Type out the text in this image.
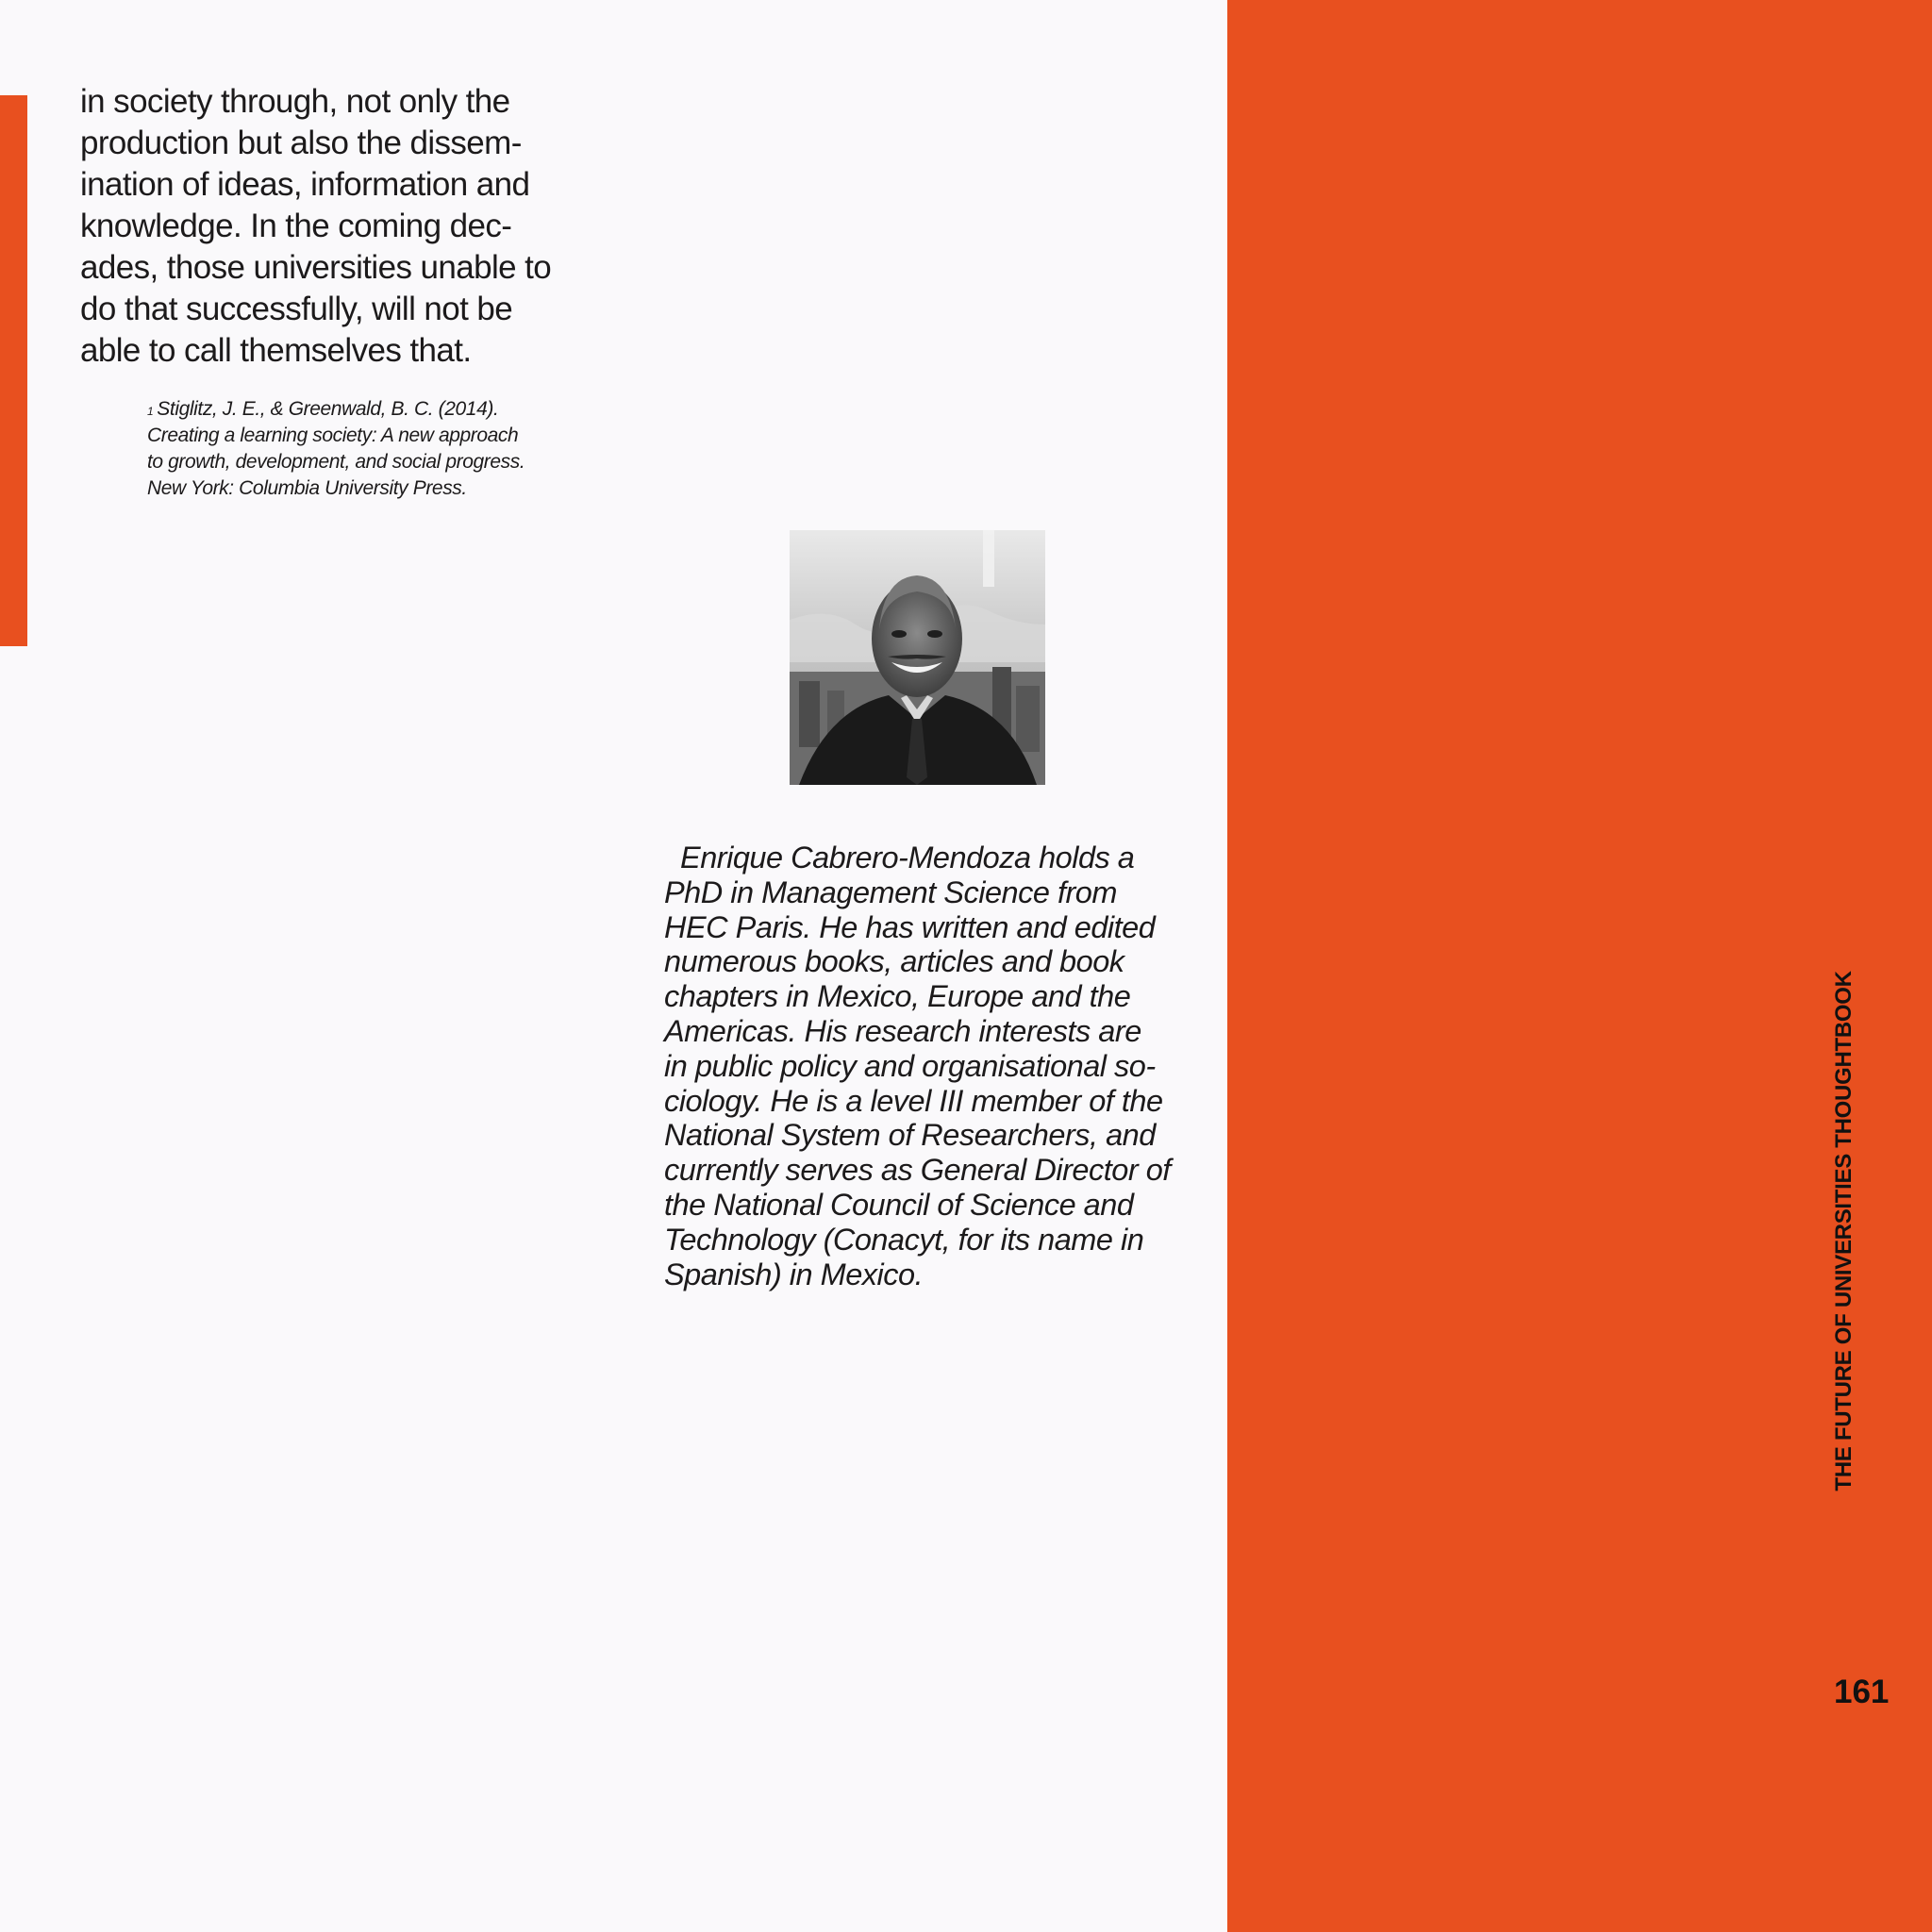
in society through, not only the
production but also the dissem-
ination of ideas, information and
knowledge. In the coming dec-
ades, those universities unable to
do that successfully, will not be
able to call themselves that.
$^1$ Stiglitz, J. E., & Greenwald, B. C. (2014).
Creating a learning society: A new approach
to growth, development, and social progress.
New York: Columbia University Press.
Enrique Cabrero-Mendoza holds a
PhD in Management Science from
HEC Paris. He has written and edited
numerous books, articles and book
chapters in Mexico, Europe and the
Americas. His research interests are
in public policy and organisational so-
ciology. He is a level III member of the
National System of Researchers, and
currently serves as General Director of
the National Council of Science and
Technology (Conacyt, for its name in
Spanish) in Mexico.	THE FUTURE OF UNIVERSITIES THOUGHTBOOK
161
